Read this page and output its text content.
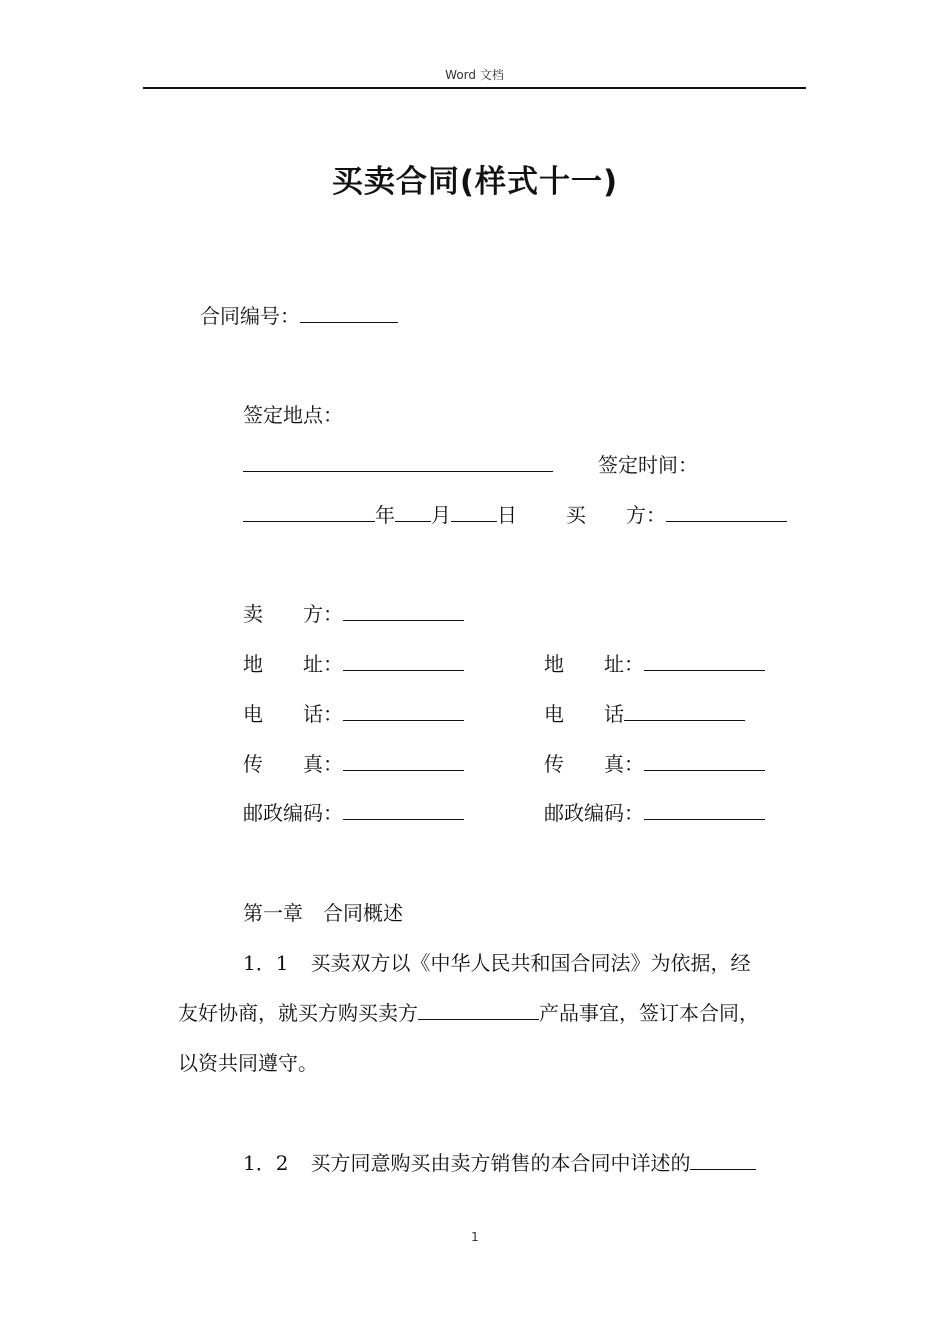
Word 文档
买卖合同(样式十一)
合同编号：
签定地点：
签定时间：
年 月 日 买　　方：
卖　　方：
地　　址：	地　　址：
电　　话：	电　　话
传　　真：	传　　真：
邮政编码：	邮政编码：
第一章　合同概述
1．1 买卖双方以《中华人民共和国合同法》为依据，经
友好协商，就买方购买卖方	产品事宜，签订本合同，
以资共同遵守。
1．2 买方同意购买由卖方销售的本合同中详述的
1
